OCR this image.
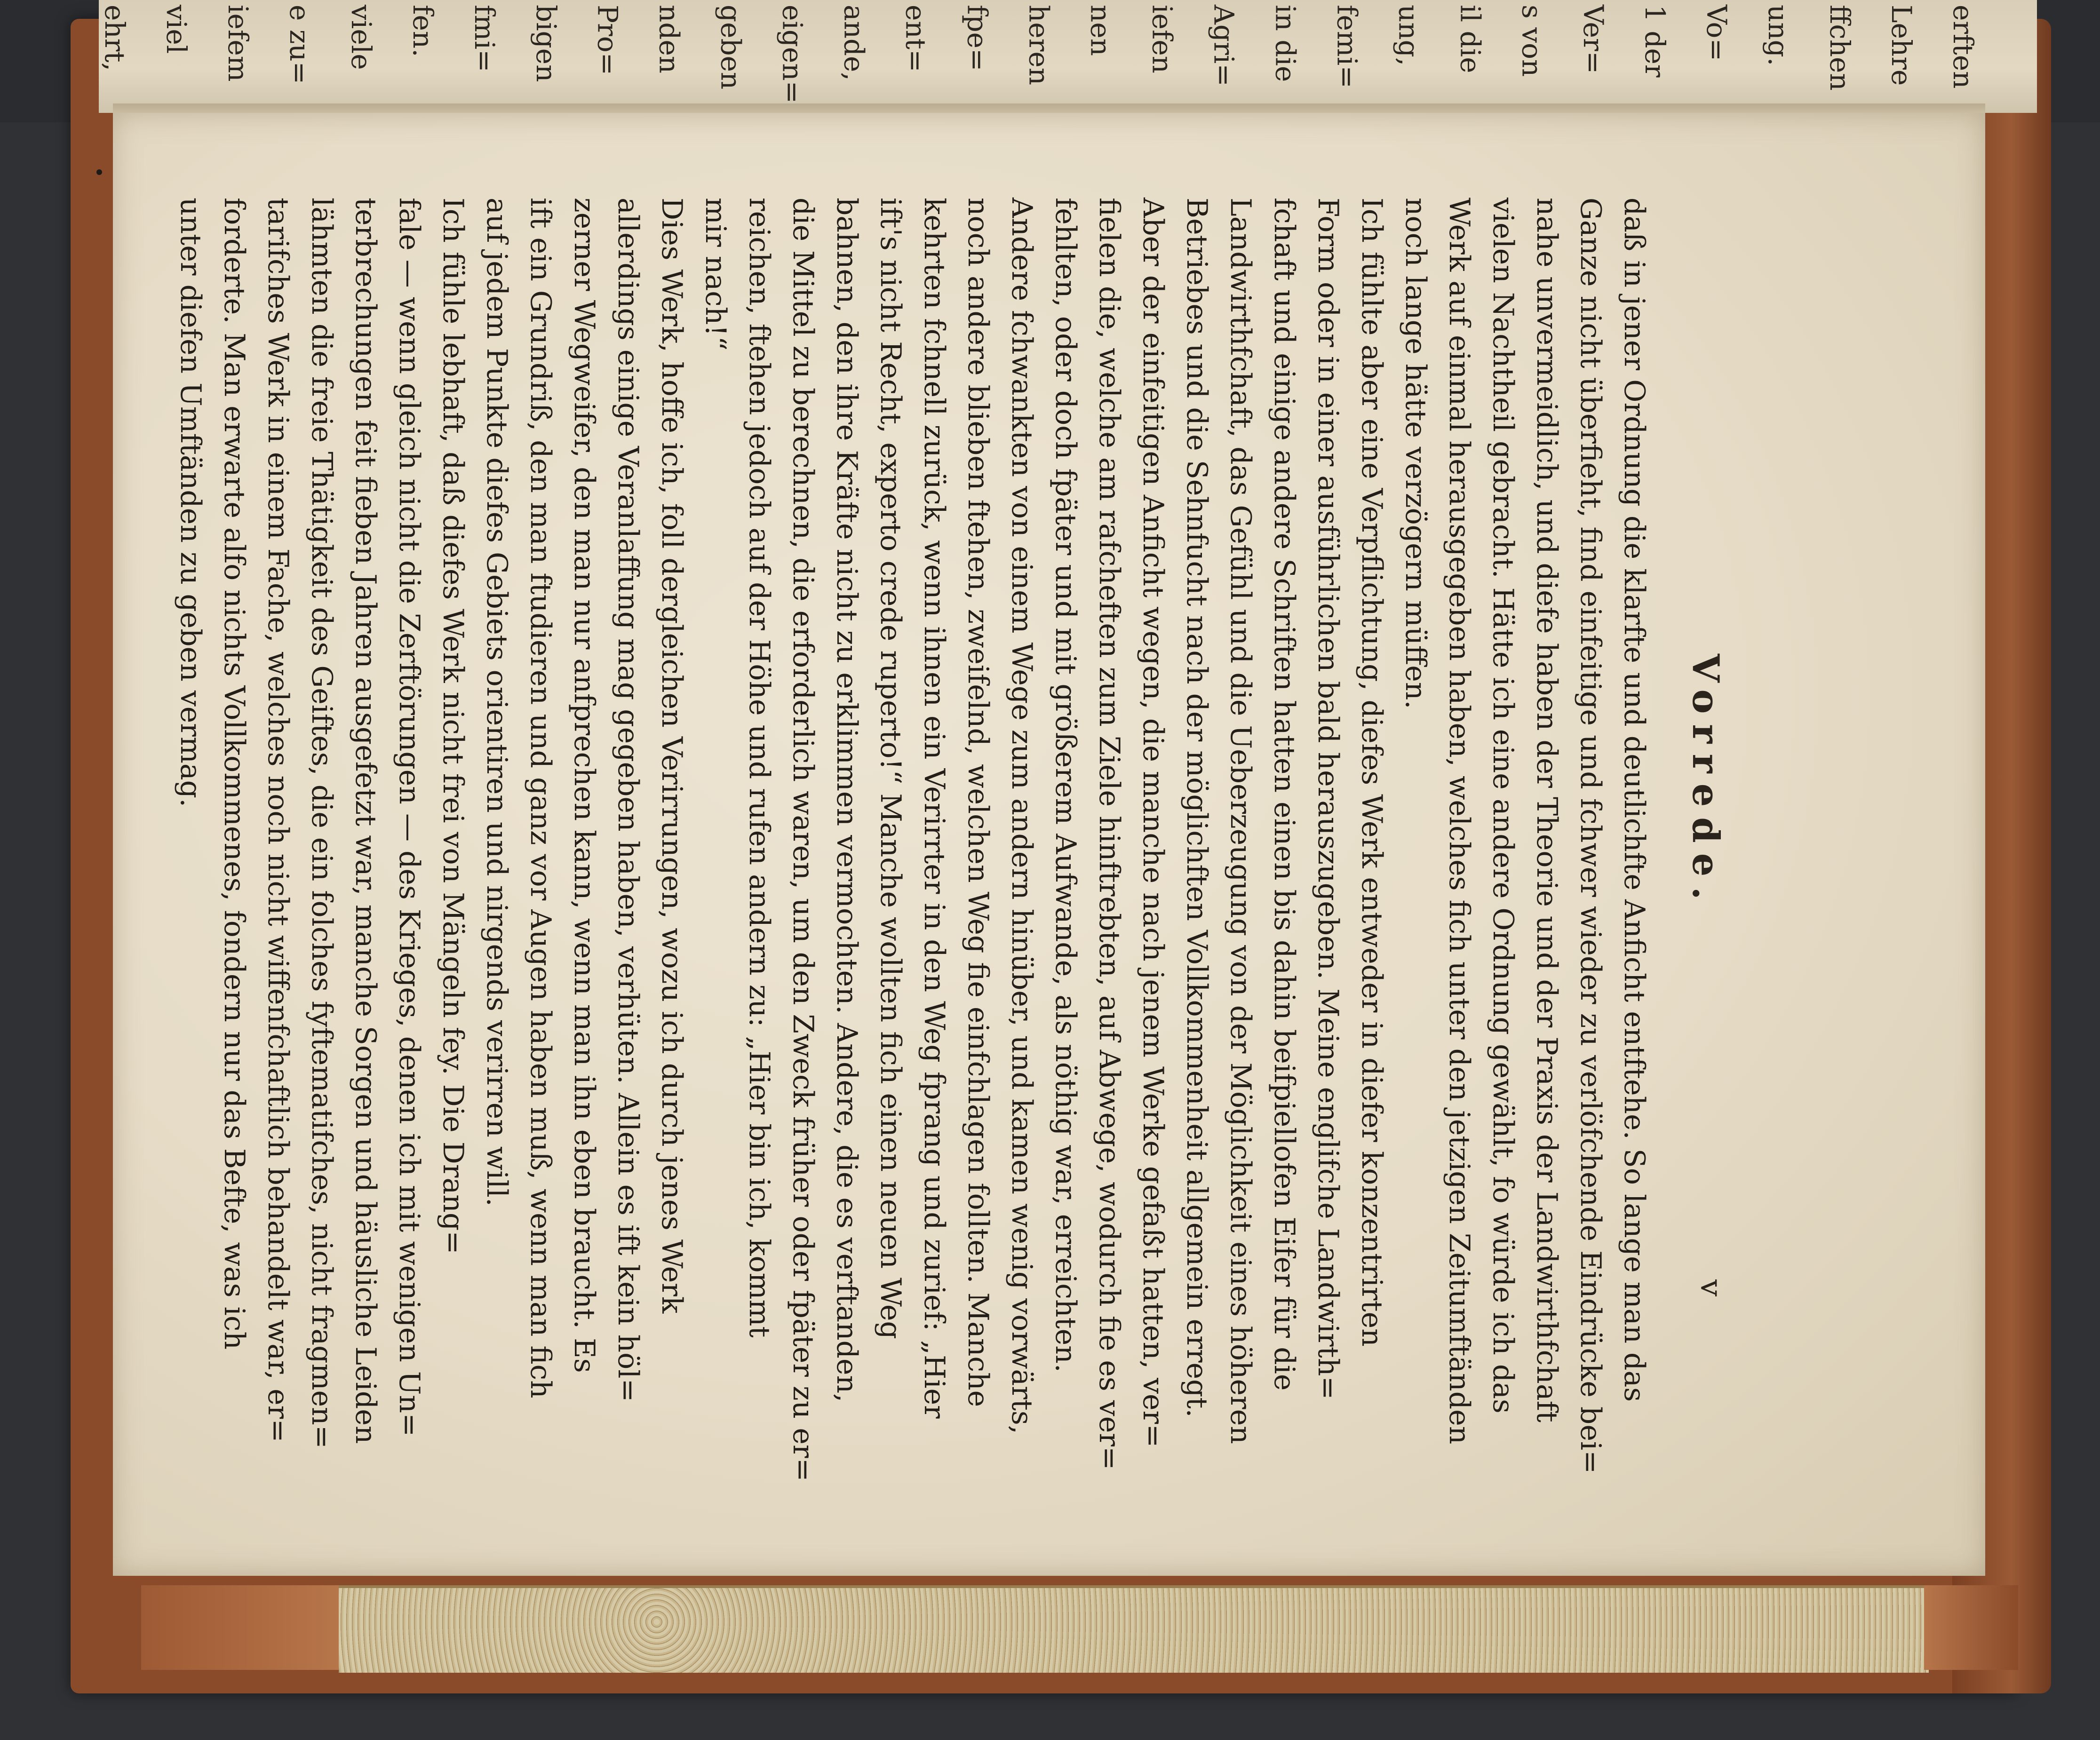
erften
Lehre
ffchen
ung.
Vo=
1 der
Ver=
s von
il die
ung,
femi=
in die
Agri=
iefen
nen
heren
fpe=
ent=
ande,
eigen=
geben
nden
Pro=
bigen
fmi=
fen.
viele
e zu=
iefem
viel
ehrt,
Vorrede.
v
daß in jener Ordnung die klarfte und deutlichfte Anficht entftehe. So lange man das
Ganze nicht überfieht, find einfeitige und fchwer wieder zu verlöfchende Eindrücke bei=
nahe unvermeidlich, und diefe haben der Theorie und der Praxis der Landwirthfchaft
vielen Nachtheil gebracht. Hätte ich eine andere Ordnung gewählt, fo würde ich das
Werk auf einmal herausgegeben haben, welches fich unter den jetzigen Zeitumftänden
noch lange hätte verzögern müffen.
Ich fühlte aber eine Verpflichtung, diefes Werk entweder in diefer konzentrirten
Form oder in einer ausführlichen bald herauszugeben. Meine englifche Landwirth=
fchaft und einige andere Schriften hatten einen bis dahin beifpiellofen Eifer für die
Landwirthfchaft, das Gefühl und die Ueberzeugung von der Möglichkeit eines höheren
Betriebes und die Sehnfucht nach der möglichften Vollkommenheit allgemein erregt.
Aber der einfeitigen Anficht wegen, die manche nach jenem Werke gefaßt hatten, ver=
fielen die, welche am rafcheften zum Ziele hinftrebten, auf Abwege, wodurch fie es ver=
fehlten, oder doch fpäter und mit größerem Aufwande, als nöthig war, erreichten.
Andere fchwankten von einem Wege zum andern hinüber, und kamen wenig vorwärts,
noch andere blieben ftehen, zweifelnd, welchen Weg fie einfchlagen follten. Manche
kehrten fchnell zurück, wenn ihnen ein Verirrter in den Weg fprang und zurief: „Hier
ift's nicht Recht, experto crede ruperto!“ Manche wollten fich einen neuen Weg
bahnen, den ihre Kräfte nicht zu erklimmen vermochten. Andere, die es verftanden,
die Mittel zu berechnen, die erforderlich waren, um den Zweck früher oder fpäter zu er=
reichen, ftehen jedoch auf der Höhe und rufen andern zu: „Hier bin ich, kommt
mir nach!“
Dies Werk, hoffe ich, foll dergleichen Verirrungen, wozu ich durch jenes Werk
allerdings einige Veranlaffung mag gegeben haben, verhüten. Allein es ift kein höl=
zerner Wegweifer, den man nur anfprechen kann, wenn man ihn eben braucht. Es
ift ein Grundriß, den man ftudieren und ganz vor Augen haben muß, wenn man fich
auf jedem Punkte diefes Gebiets orientiren und nirgends verirren will.
Ich fühle lebhaft, daß diefes Werk nicht frei von Mängeln fey. Die Drang=
fale — wenn gleich nicht die Zerftörungen — des Krieges, denen ich mit wenigen Un=
terbrechungen feit fieben Jahren ausgefetzt war, manche Sorgen und häusliche Leiden
lähmten die freie Thätigkeit des Geiftes, die ein folches fyftematifches, nicht fragmen=
tarifches Werk in einem Fache, welches noch nicht wiffenfchaftlich behandelt war, er=
forderte. Man erwarte alfo nichts Vollkommenes, fondern nur das Befte, was ich
unter diefen Umftänden zu geben vermag.
